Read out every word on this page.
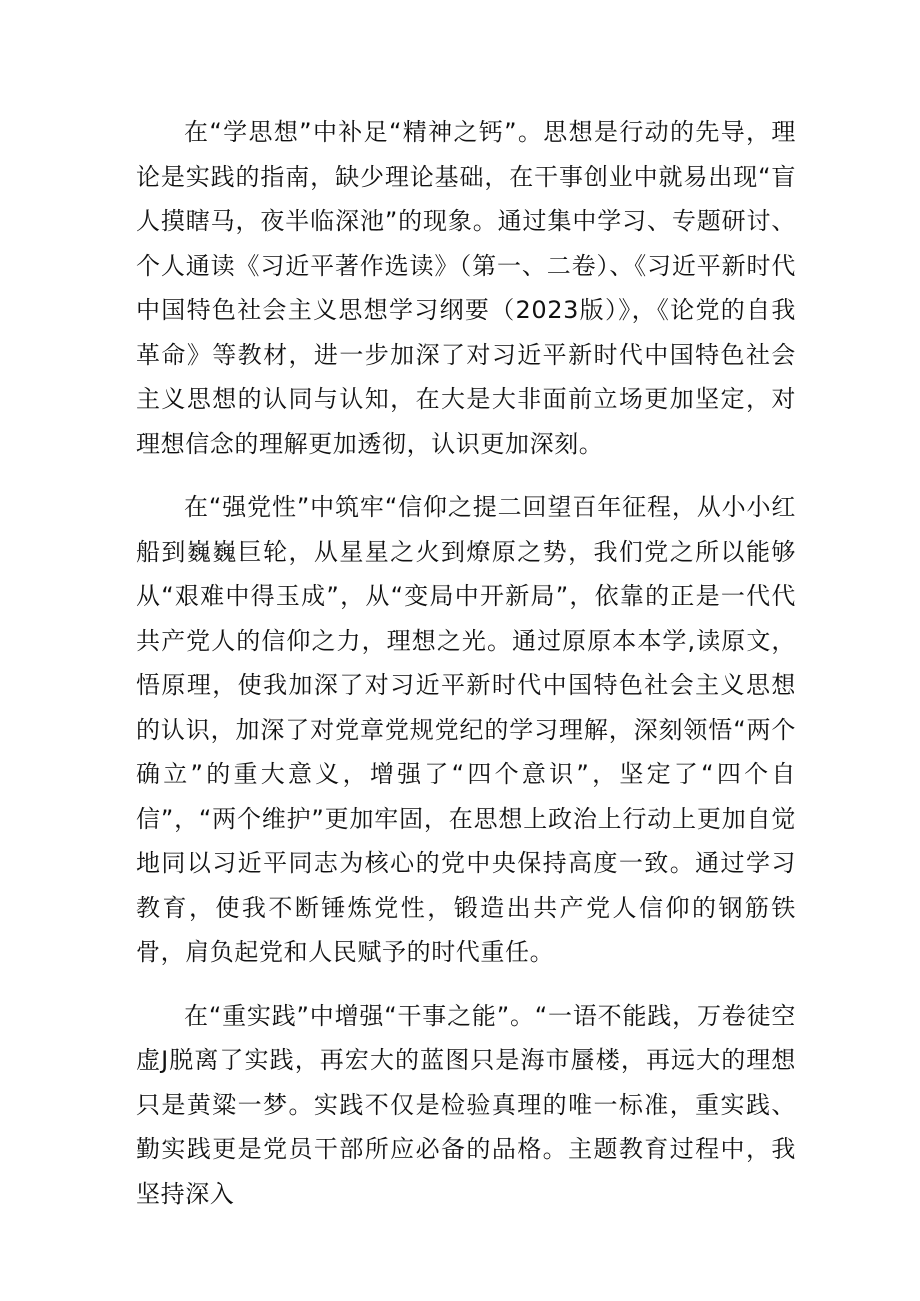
在“学思想”中补足“精神之钙”。思想是行动的先导，理论是实践的指南，缺少理论基础，在干事创业中就易出现“盲人摸瞎马，夜半临深池”的现象。通过集中学习、专题研讨、个人通读《习近平著作选读》（第一、二卷）、《习近平新时代中国特色社会主义思想学习纲要（2023版）》，《论党的自我革命》等教材，进一步加深了对习近平新时代中国特色社会主义思想的认同与认知，在大是大非面前立场更加坚定，对理想信念的理解更加透彻，认识更加深刻。

在“强党性”中筑牢“信仰之提二回望百年征程，从小小红船到巍巍巨轮，从星星之火到燎原之势，我们党之所以能够从“艰难中得玉成”，从“变局中开新局”，依靠的正是一代代共产党人的信仰之力，理想之光。通过原原本本学,读原文，悟原理，使我加深了对习近平新时代中国特色社会主义思想的认识，加深了对党章党规党纪的学习理解，深刻领悟“两个确立”的重大意义，增强了“四个意识”，坚定了“四个自信”，“两个维护”更加牢固，在思想上政治上行动上更加自觉地同以习近平同志为核心的党中央保持高度一致。通过学习教育，使我不断锤炼党性，锻造出共产党人信仰的钢筋铁骨，肩负起党和人民赋予的时代重任。

在“重实践”中增强“干事之能”。“一语不能践，万卷徒空虚J脱离了实践，再宏大的蓝图只是海市蜃楼，再远大的理想只是黄粱一梦。实践不仅是检验真理的唯一标准，重实践、勤实践更是党员干部所应必备的品格。主题教育过程中，我坚持深入
